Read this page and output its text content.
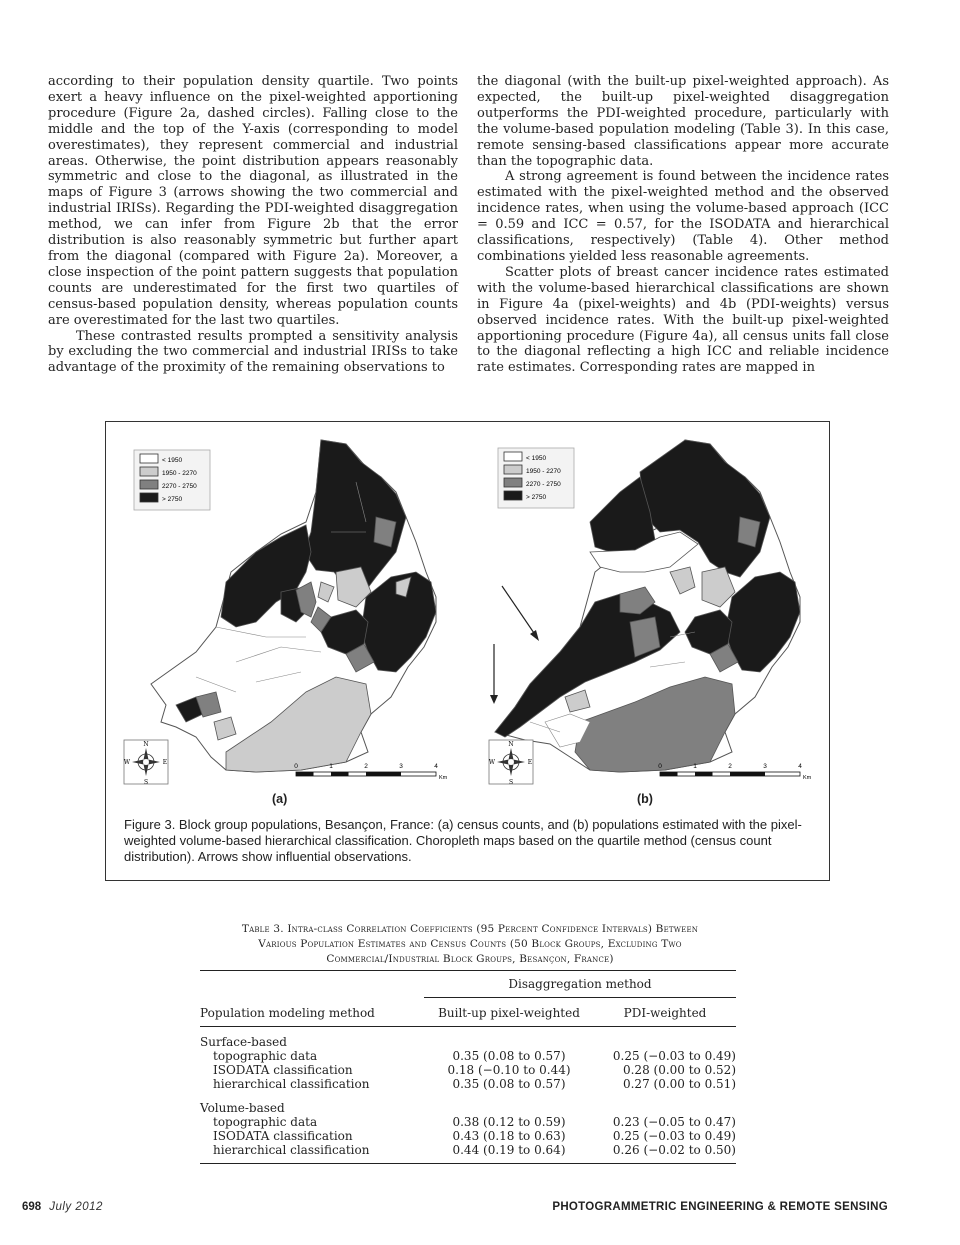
according to their population density quartile. Two points exert a heavy influence on the pixel-weighted apportioning procedure (Figure 2a, dashed circles). Falling close to the middle and the top of the Y-axis (corresponding to model overestimates), they represent commercial and industrial areas. Otherwise, the point distribution appears reasonably symmetric and close to the diagonal, as illustrated in the maps of Figure 3 (arrows showing the two commercial and industrial IRISs). Regarding the PDI-weighted disaggregation method, we can infer from Figure 2b that the error distribution is also reasonably symmetric but further apart from the diagonal (compared with Figure 2a). Moreover, a close inspection of the point pattern suggests that population counts are underestimated for the first two quartiles of census-based population density, whereas population counts are overestimated for the last two quartiles.

These contrasted results prompted a sensitivity analysis by excluding the two commercial and industrial IRISs to take advantage of the proximity of the remaining observations to

the diagonal (with the built-up pixel-weighted approach). As expected, the built-up pixel-weighted disaggregation outperforms the PDI-weighted procedure, particularly with the volume-based population modeling (Table 3). In this case, remote sensing-based classifications appear more accurate than the topographic data.

A strong agreement is found between the incidence rates estimated with the pixel-weighted method and the observed incidence rates, when using the volume-based approach (ICC = 0.59 and ICC = 0.57, for the ISODATA and hierarchical classifications, respectively) (Table 4). Other method combinations yielded less reasonable agreements.

Scatter plots of breast cancer incidence rates estimated with the volume-based hierarchical classifications are shown in Figure 4a (pixel-weights) and 4b (PDI-weights) versus observed incidence rates. With the built-up pixel-weighted apportioning procedure (Figure 4a), all census units fall close to the diagonal reflecting a high ICC and reliable incidence rate estimates. Corresponding rates are mapped in

< 1950
1950 - 2270
2270 - 2750
> 2750
N
S
W	E
0	1	2	3	4
Km
< 1950
1950 - 2270
2270 - 2750
> 2750
N
S
W	E
0	1	2	3	4
Km
(a)	(b)
Figure 3. Block group populations, Besançon, France: (a) census counts, and (b) populations estimated with the pixel-weighted volume-based hierarchical classification. Choropleth maps based on the quartile method (census count distribution). Arrows show influential observations.
Table 3. Intra-class Correlation Coefficients (95 Percent Confidence Intervals) Between
Various Population Estimates and Census Counts (50 Block Groups, Excluding Two
Commercial/Industrial Block Groups, Besançon, France)

	Disaggregation method	
Population modeling method	Built-up pixel-weighted	PDI-weighted

Surface-based		
topographic data	0.35 (0.08 to 0.57)	0.25 (−0.03 to 0.49)
ISODATA classification	0.18 (−0.10 to 0.44)	0.28 (0.00 to 0.52)
hierarchical classification	0.35 (0.08 to 0.57)	0.27 (0.00 to 0.51)

Volume-based		
topographic data	0.38 (0.12 to 0.59)	0.23 (−0.05 to 0.47)
ISODATA classification	0.43 (0.18 to 0.63)	0.25 (−0.03 to 0.49)
hierarchical classification	0.44 (0.19 to 0.64)	0.26 (−0.02 to 0.50)
698 July 2012	PHOTOGRAMMETRIC ENGINEERING & REMOTE SENSING
